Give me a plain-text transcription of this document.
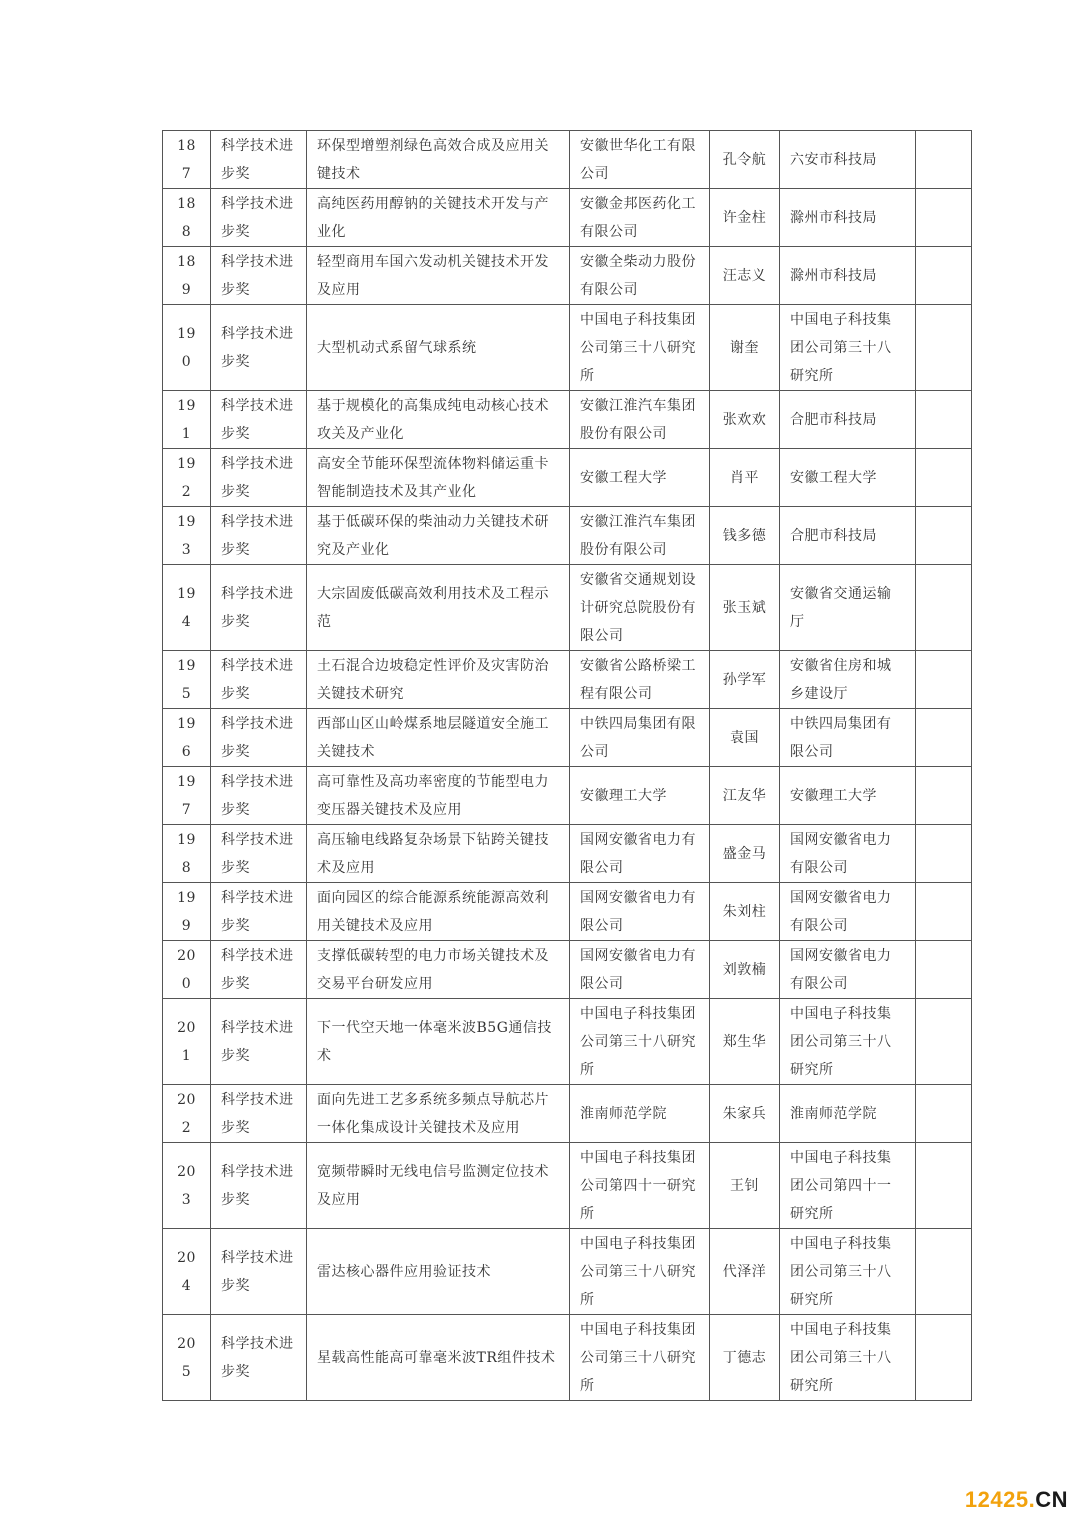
187	科学技术进步奖	环保型增塑剂绿色高效合成及应用关键技术	安徽世华化工有限公司	孔令航	六安市科技局	
188	科学技术进步奖	高纯医药用醇钠的关键技术开发与产业化	安徽金邦医药化工有限公司	许金柱	滁州市科技局	
189	科学技术进步奖	轻型商用车国六发动机关键技术开发及应用	安徽全柴动力股份有限公司	汪志义	滁州市科技局	
190	科学技术进步奖	大型机动式系留气球系统	中国电子科技集团公司第三十八研究所	谢奎	中国电子科技集团公司第三十八研究所	
191	科学技术进步奖	基于规模化的高集成纯电动核心技术攻关及产业化	安徽江淮汽车集团股份有限公司	张欢欢	合肥市科技局	
192	科学技术进步奖	高安全节能环保型流体物料储运重卡智能制造技术及其产业化	安徽工程大学	肖平	安徽工程大学	
193	科学技术进步奖	基于低碳环保的柴油动力关键技术研究及产业化	安徽江淮汽车集团股份有限公司	钱多德	合肥市科技局	
194	科学技术进步奖	大宗固废低碳高效利用技术及工程示范	安徽省交通规划设计研究总院股份有限公司	张玉斌	安徽省交通运输厅	
195	科学技术进步奖	土石混合边坡稳定性评价及灾害防治关键技术研究	安徽省公路桥梁工程有限公司	孙学军	安徽省住房和城乡建设厅	
196	科学技术进步奖	西部山区山岭煤系地层隧道安全施工关键技术	中铁四局集团有限公司	袁国	中铁四局集团有限公司	
197	科学技术进步奖	高可靠性及高功率密度的节能型电力变压器关键技术及应用	安徽理工大学	江友华	安徽理工大学	
198	科学技术进步奖	高压输电线路复杂场景下钻跨关键技术及应用	国网安徽省电力有限公司	盛金马	国网安徽省电力有限公司	
199	科学技术进步奖	面向园区的综合能源系统能源高效利用关键技术及应用	国网安徽省电力有限公司	朱刘柱	国网安徽省电力有限公司	
200	科学技术进步奖	支撑低碳转型的电力市场关键技术及交易平台研发应用	国网安徽省电力有限公司	刘敦楠	国网安徽省电力有限公司	
201	科学技术进步奖	下一代空天地一体毫米波B5G通信技术	中国电子科技集团公司第三十八研究所	郑生华	中国电子科技集团公司第三十八研究所	
202	科学技术进步奖	面向先进工艺多系统多频点导航芯片一体化集成设计关键技术及应用	淮南师范学院	朱家兵	淮南师范学院	
203	科学技术进步奖	宽频带瞬时无线电信号监测定位技术及应用	中国电子科技集团公司第四十一研究所	王钊	中国电子科技集团公司第四十一研究所	
204	科学技术进步奖	雷达核心器件应用验证技术	中国电子科技集团公司第三十八研究所	代泽洋	中国电子科技集团公司第三十八研究所	
205	科学技术进步奖	星载高性能高可靠毫米波TR组件技术	中国电子科技集团公司第三十八研究所	丁德志	中国电子科技集团公司第三十八研究所	
12425.CN
